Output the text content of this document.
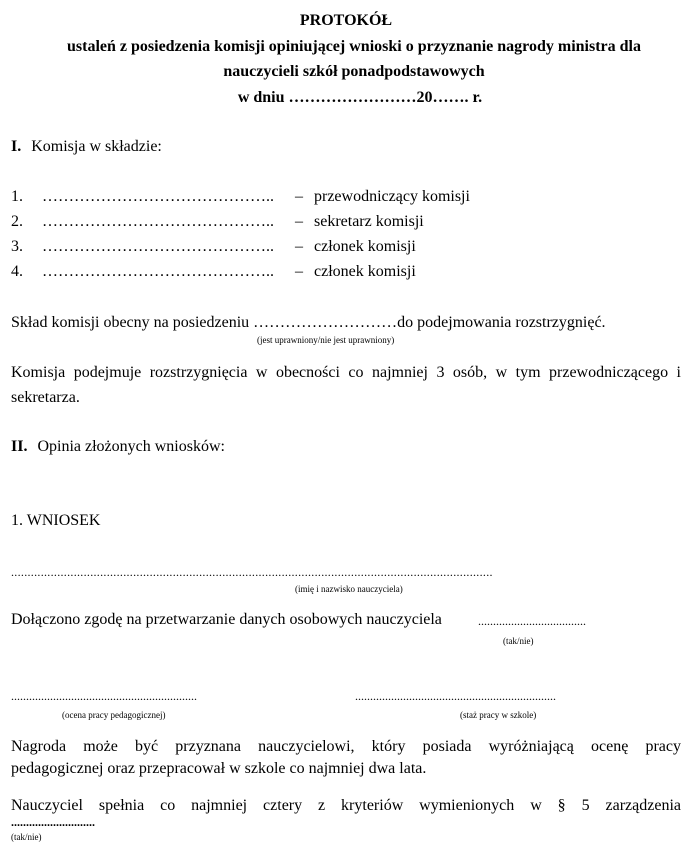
PROTOKÓŁ
ustaleń z posiedzenia komisji opiniującej wnioski o przyznanie nagrody ministra dla
nauczycieli szkół ponadpodstawowych
w dniu ……………………20……. r.
I. Komisja w składzie:
1. …………………………………….. – przewodniczący komisji
2. …………………………………….. – sekretarz komisji
3. …………………………………….. – członek komisji
4. …………………………………….. – członek komisji
Skład komisji obecny na posiedzeniu ………………………do podejmowania rozstrzygnięć.
(jest uprawniony/nie jest uprawniony)
Komisja podejmuje rozstrzygnięcia w obecności co najmniej 3 osób, w tym przewodniczącego i
sekretarza.
II. Opinia złożonych wniosków:
1. WNIOSEK
..................................................................................................................................................
(imię i nazwisko nauczyciela)
Dołączono zgodę na przetwarzanie danych osobowych nauczyciela	....................................
(tak/nie)
..............................................................
(ocena pracy pedagogicznej)
...................................................................
(staż pracy w szkole)
Nagroda może być przyznana nauczycielowi, który posiada wyróżniającą ocenę pracy
pedagogicznej oraz przepracował w szkole co najmniej dwa lata.
Nauczyciel spełnia co najmniej cztery z kryteriów wymienionych w § 5 zarządzenia
............................
(tak/nie)
